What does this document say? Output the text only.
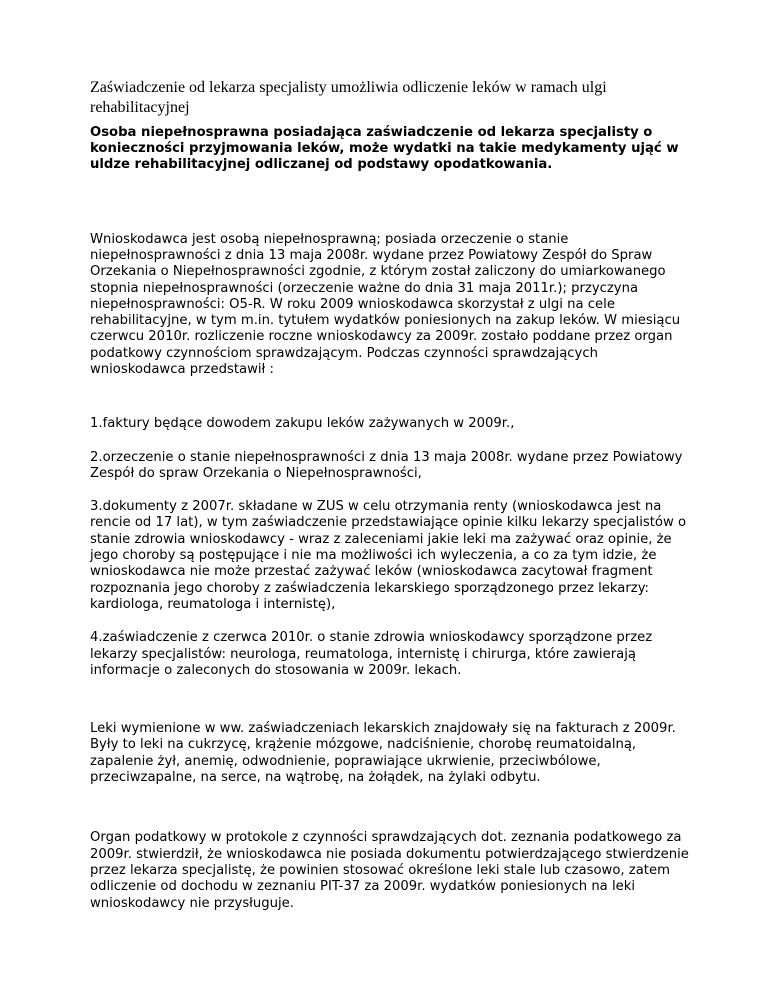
Zaświadczenie od lekarza specjalisty umożliwia odliczenie leków w ramach ulgi rehabilitacyjnej

Osoba niepełnosprawna posiadająca zaświadczenie od lekarza specjalisty o konieczności przyjmowania leków, może wydatki na takie medykamenty ująć w uldze rehabilitacyjnej odliczanej od podstawy opodatkowania.

Wnioskodawca jest osobą niepełnosprawną; posiada orzeczenie o stanie niepełnosprawności z dnia 13 maja 2008r. wydane przez Powiatowy Zespół do Spraw Orzekania o Niepełnosprawności zgodnie, z którym został zaliczony do umiarkowanego stopnia niepełnosprawności (orzeczenie ważne do dnia 31 maja 2011r.); przyczyna niepełnosprawności: O5-R. W roku 2009 wnioskodawca skorzystał z ulgi na cele rehabilitacyjne, w tym m.in. tytułem wydatków poniesionych na zakup leków. W miesiącu czerwcu 2010r. rozliczenie roczne wnioskodawcy za 2009r. zostało poddane przez organ podatkowy czynnościom sprawdzającym. Podczas czynności sprawdzających wnioskodawca przedstawił :

1.faktury będące dowodem zakupu leków zażywanych w 2009r.,

2.orzeczenie o stanie niepełnosprawności z dnia 13 maja 2008r. wydane przez Powiatowy Zespół do spraw Orzekania o Niepełnosprawności,

3.dokumenty z 2007r. składane w ZUS w celu otrzymania renty (wnioskodawca jest na rencie od 17 lat), w tym zaświadczenie przedstawiające opinie kilku lekarzy specjalistów o stanie zdrowia wnioskodawcy - wraz z zaleceniami jakie leki ma zażywać oraz opinie, że jego choroby są postępujące i nie ma możliwości ich wyleczenia, a co za tym idzie, że wnioskodawca nie może przestać zażywać leków (wnioskodawca zacytował fragment rozpoznania jego choroby z zaświadczenia lekarskiego sporządzonego przez lekarzy: kardiologa, reumatologa i internistę),

4.zaświadczenie z czerwca 2010r. o stanie zdrowia wnioskodawcy sporządzone przez lekarzy specjalistów: neurologa, reumatologa, internistę i chirurga, które zawierają informacje o zaleconych do stosowania w 2009r. lekach.

Leki wymienione w ww. zaświadczeniach lekarskich znajdowały się na fakturach z 2009r. Były to leki na cukrzycę, krążenie mózgowe, nadciśnienie, chorobę reumatoidalną, zapalenie żył, anemię, odwodnienie, poprawiające ukrwienie, przeciwbólowe, przeciwzapalne, na serce, na wątrobę, na żołądek, na żylaki odbytu.

Organ podatkowy w protokole z czynności sprawdzających dot. zeznania podatkowego za 2009r. stwierdził, że wnioskodawca nie posiada dokumentu potwierdzającego stwierdzenie przez lekarza specjalistę, że powinien stosować określone leki stale lub czasowo, zatem odliczenie od dochodu w zeznaniu PIT-37 za 2009r. wydatków poniesionych na leki wnioskodawcy nie przysługuje.
